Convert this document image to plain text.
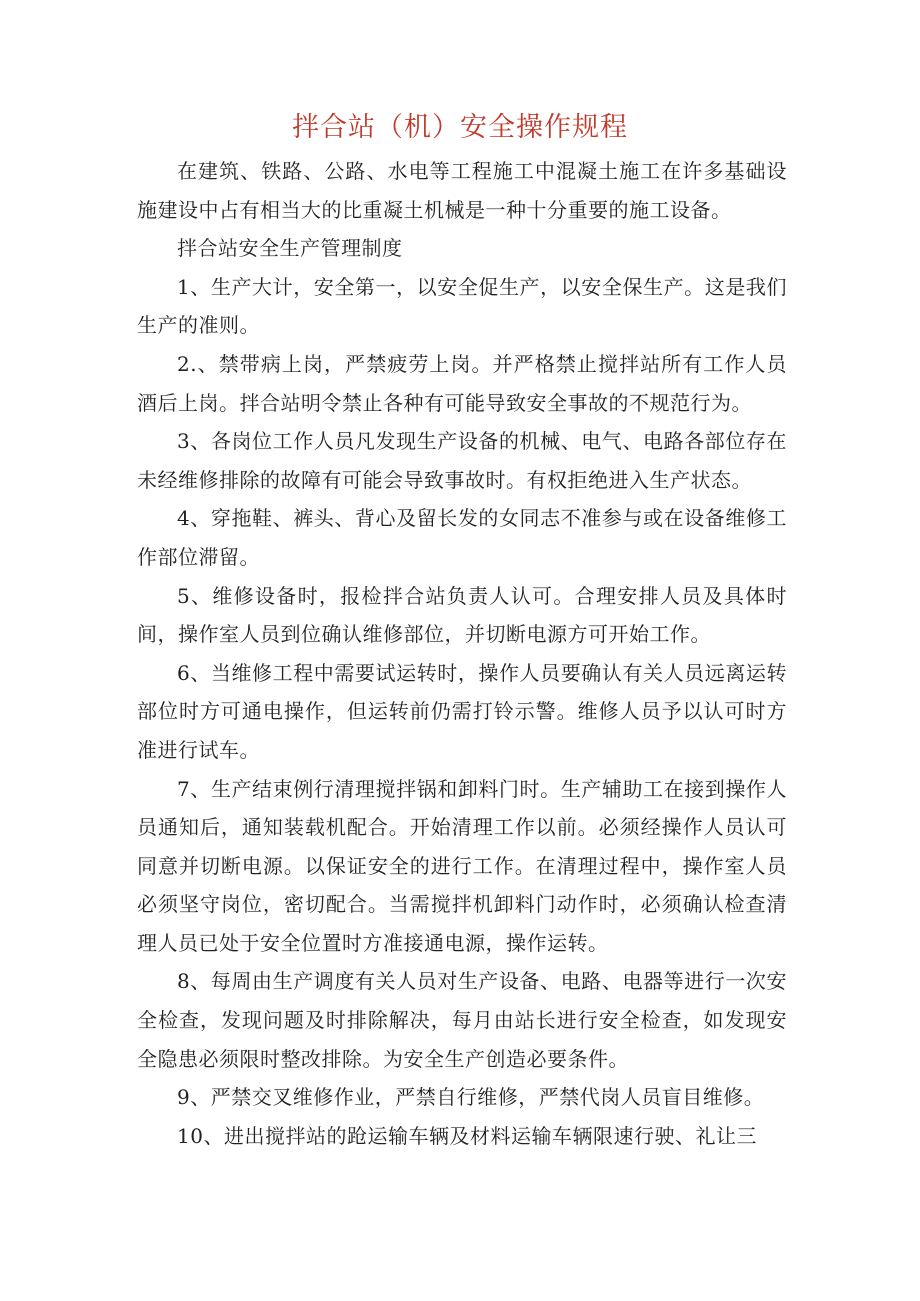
拌合站（机）安全操作规程

在建筑、铁路、公路、水电等工程施工中混凝土施工在许多基础设施建设中占有相当大的比重凝土机械是一种十分重要的施工设备。

拌合站安全生产管理制度

1、生产大计，安全第一，以安全促生产，以安全保生产。这是我们生产的准则。

2.、禁带病上岗，严禁疲劳上岗。并严格禁止搅拌站所有工作人员酒后上岗。拌合站明令禁止各种有可能导致安全事故的不规范行为。

3、各岗位工作人员凡发现生产设备的机械、电气、电路各部位存在未经维修排除的故障有可能会导致事故时。有权拒绝进入生产状态。

4、穿拖鞋、裤头、背心及留长发的女同志不准参与或在设备维修工作部位滞留。

5、维修设备时，报检拌合站负责人认可。合理安排人员及具体时间，操作室人员到位确认维修部位，并切断电源方可开始工作。

6、当维修工程中需要试运转时，操作人员要确认有关人员远离运转部位时方可通电操作，但运转前仍需打铃示警。维修人员予以认可时方准进行试车。

7、生产结束例行清理搅拌锅和卸料门时。生产辅助工在接到操作人员通知后，通知装载机配合。开始清理工作以前。必须经操作人员认可同意并切断电源。以保证安全的进行工作。在清理过程中，操作室人员必须坚守岗位，密切配合。当需搅拌机卸料门动作时，必须确认检查清理人员已处于安全位置时方准接通电源，操作运转。

8、每周由生产调度有关人员对生产设备、电路、电器等进行一次安全检查，发现问题及时排除解决，每月由站长进行安全检查，如发现安全隐患必须限时整改排除。为安全生产创造必要条件。

9、严禁交叉维修作业，严禁自行维修，严禁代岗人员盲目维修。

10、进出搅拌站的跄运输车辆及材料运输车辆限速行驶、礼让三
